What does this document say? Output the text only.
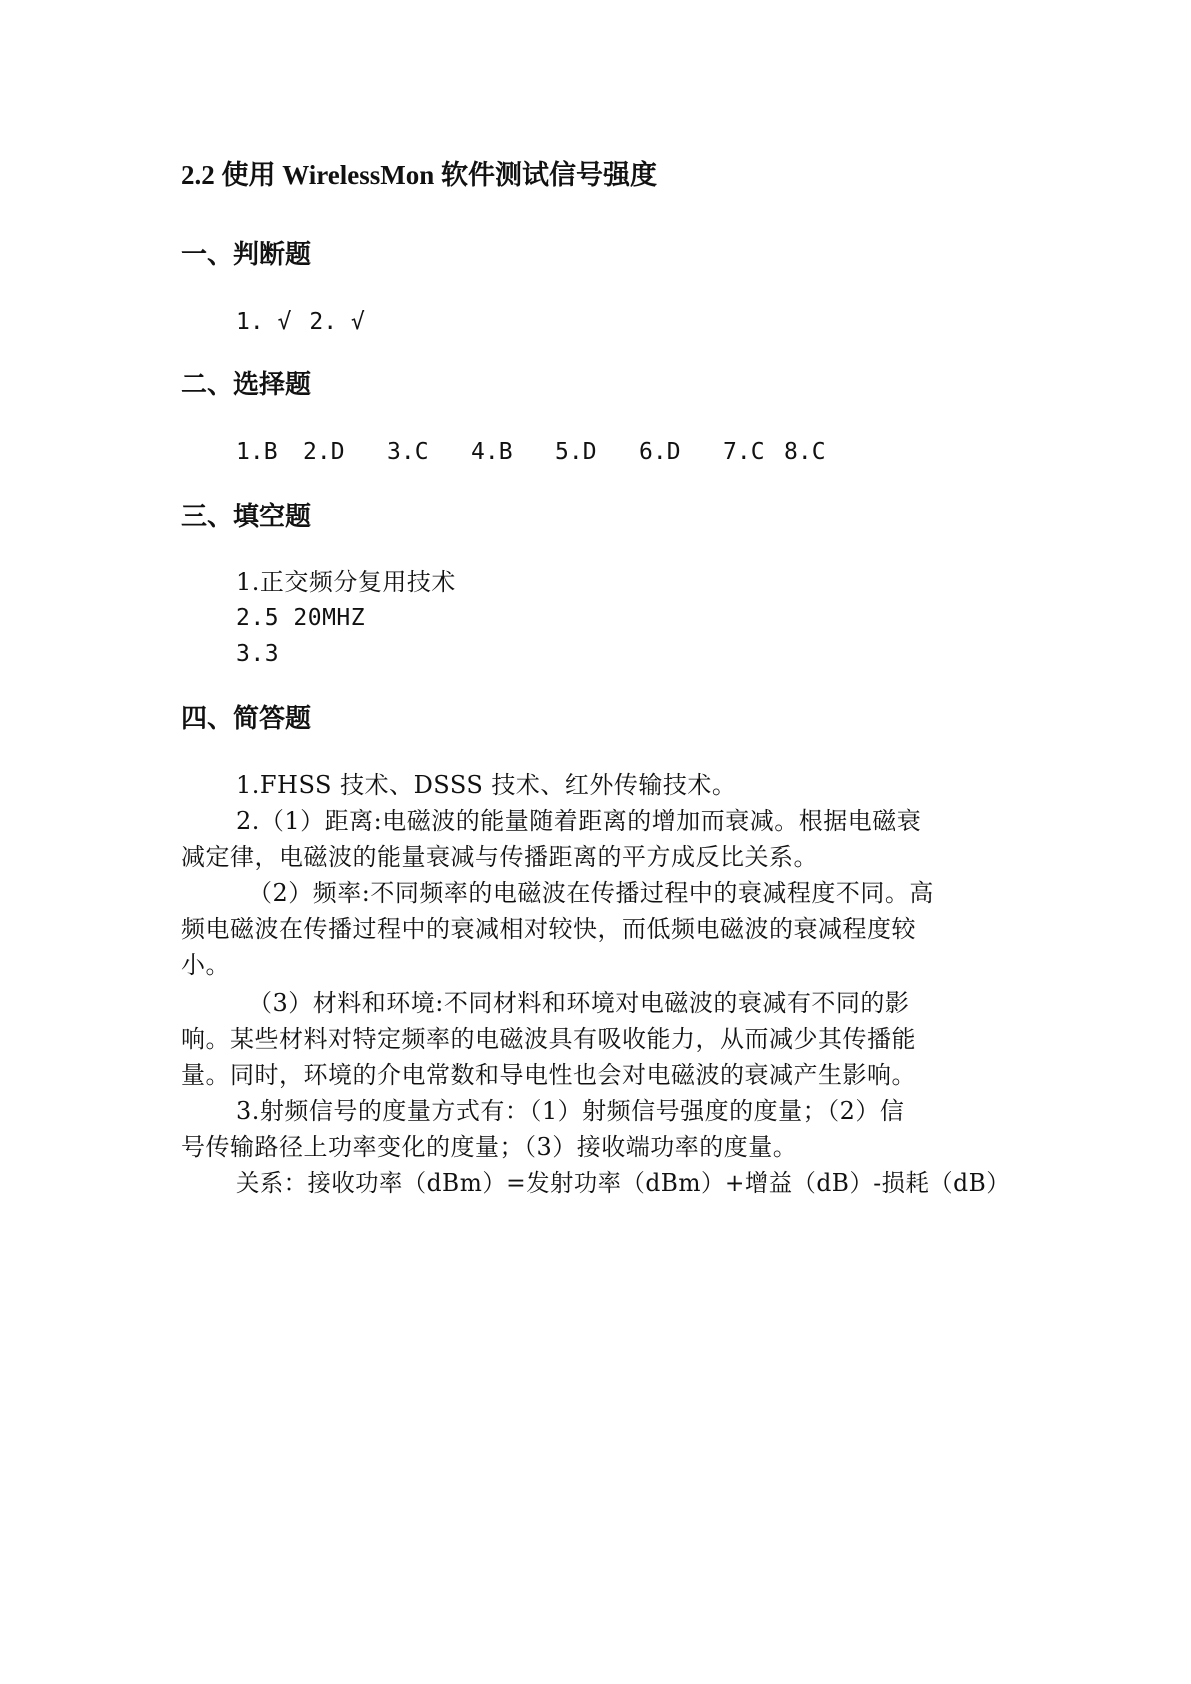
2.2 使用 WirelessMon 软件测试信号强度
一、判断题
1. √ 2. √
二、选择题
1.B 2.D 3.C 4.B 5.D 6.D 7.C 8.C
三、填空题
1.正交频分复用技术
2.5 20MHZ
3.3
四、简答题
1.FHSS 技术、DSSS 技术、红外传输技术。
2.（1）距离:电磁波的能量随着距离的增加而衰减。根据电磁衰
减定律，电磁波的能量衰减与传播距离的平方成反比关系。
（2）频率:不同频率的电磁波在传播过程中的衰减程度不同。高
频电磁波在传播过程中的衰减相对较快，而低频电磁波的衰减程度较
小。
（3）材料和环境:不同材料和环境对电磁波的衰减有不同的影
响。某些材料对特定频率的电磁波具有吸收能力，从而减少其传播能
量。同时，环境的介电常数和导电性也会对电磁波的衰减产生影响。
3.射频信号的度量方式有：（1）射频信号强度的度量；（2）信
号传输路径上功率变化的度量；（3）接收端功率的度量。
关系：接收功率（dBm）=发射功率（dBm）+增益（dB）-损耗（dB）
